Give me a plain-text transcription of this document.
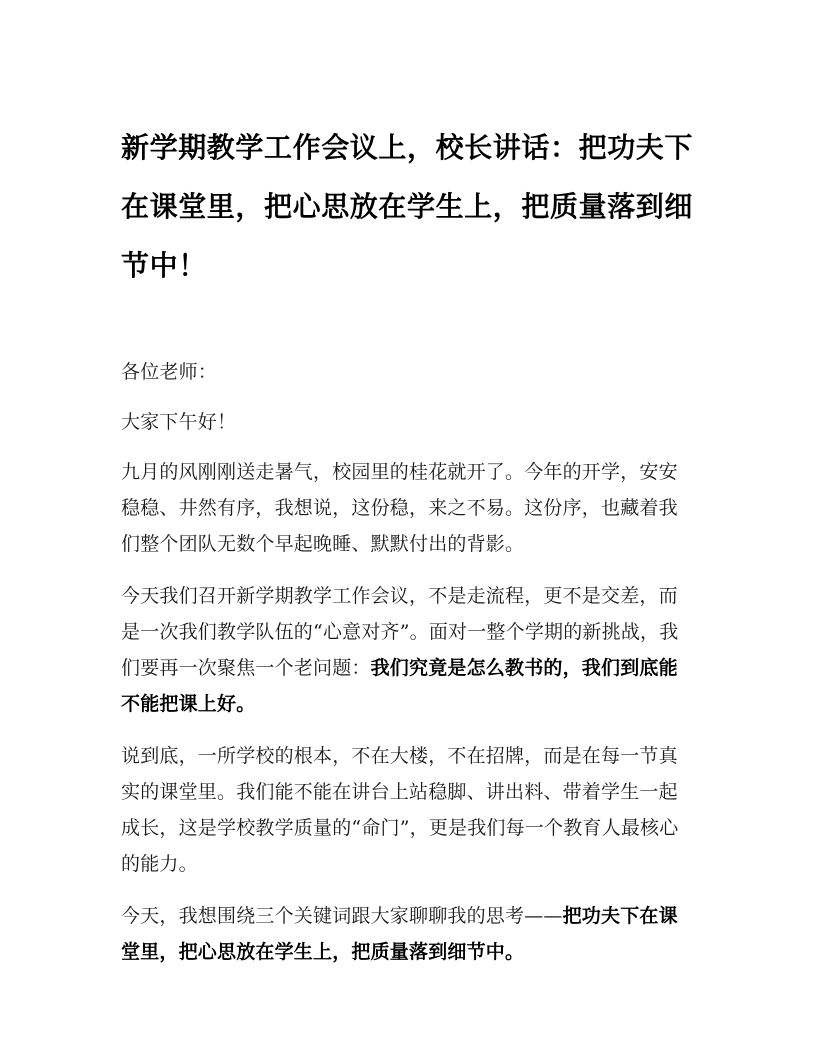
新学期教学工作会议上，校长讲话：把功夫下在课堂里，把心思放在学生上，把质量落到细节中！

各位老师：

大家下午好！

九月的风刚刚送走暑气，校园里的桂花就开了。今年的开学，安安稳稳、井然有序，我想说，这份稳，来之不易。这份序，也藏着我们整个团队无数个早起晚睡、默默付出的背影。

今天我们召开新学期教学工作会议，不是走流程，更不是交差，而是一次我们教学队伍的“心意对齐”。面对一整个学期的新挑战，我们要再一次聚焦一个老问题：我们究竟是怎么教书的，我们到底能不能把课上好。

说到底，一所学校的根本，不在大楼，不在招牌，而是在每一节真实的课堂里。我们能不能在讲台上站稳脚、讲出料、带着学生一起成长，这是学校教学质量的“命门”，更是我们每一个教育人最核心的能力。

今天，我想围绕三个关键词跟大家聊聊我的思考——把功夫下在课堂里，把心思放在学生上，把质量落到细节中。
